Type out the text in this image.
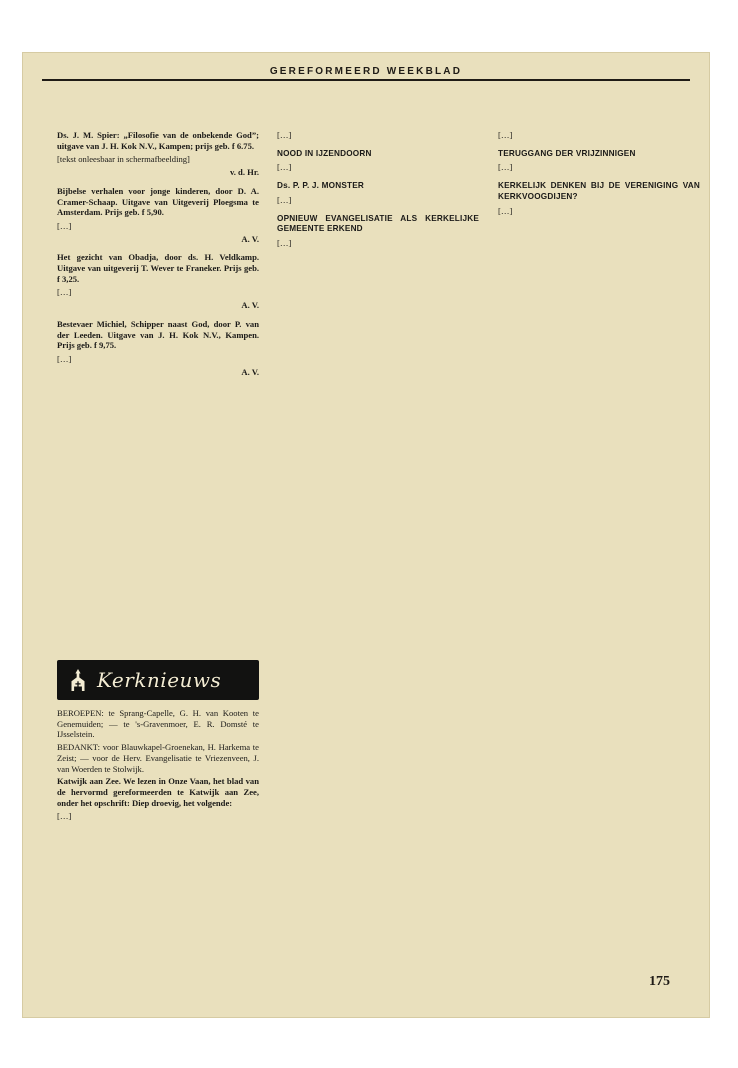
GEREFORMEERD WEEKBLAD
Ds. J. M. Spier: „Filosofie van de onbekende God”; uitgave van J. H. Kok N.V., Kampen; prijs geb. f 6.75.
[tekst onleesbaar in schermafbeelding]
v. d. Hr.
Bijbelse verhalen voor jonge kinderen, door D. A. Cramer-Schaap. Uitgave van Uitgeverij Ploegsma te Amsterdam. Prijs geb. f 5,90.
[…]
A. V.
Het gezicht van Obadja, door ds. H. Veldkamp. Uitgave van uitgeverij T. Wever te Franeker. Prijs geb. f 3,25.
[…]
A. V.
Bestevaer Michiel, Schipper naast God, door P. van der Leeden. Uitgave van J. H. Kok N.V., Kampen. Prijs geb. f 9,75.
[…]
A. V.
[…]
NOOD IN IJZENDOORN
[…]
Ds. P. P. J. MONSTER
[…]
OPNIEUW EVANGELISATIE ALS KERKELIJKE GEMEENTE ERKEND
[…]
[…]
TERUGGANG DER VRIJZINNIGEN
[…]
KERKELIJK DENKEN BIJ DE VERENIGING VAN KERKVOOGDIJEN?
[…]
Kerknieuws
BEROEPEN: te Sprang-Capelle, G. H. van Kooten te Genemuiden; — te 's-Gravenmoer, E. R. Domsté te IJsselstein.
BEDANKT: voor Blauwkapel-Groenekan, H. Harkema te Zeist; — voor de Herv. Evangelisatie te Vriezenveen, J. van Woerden te Stolwijk.
Katwijk aan Zee. We lezen in Onze Vaan, het blad van de hervormd gereformeerden te Katwijk aan Zee, onder het opschrift: Diep droevig, het volgende:
[…]
175
